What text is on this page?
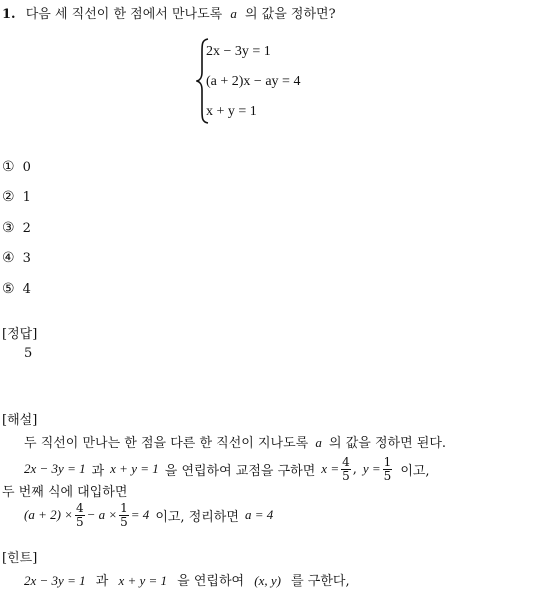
1. 다음 세 직선이 한 점에서 만나도록 a 의 값을 정하면?
2x − 3y = 1
(a + 2)x − ay = 4
x + y = 1
① 0
② 1
③ 2
④ 3
⑤ 4
[정답]
5
[해설]
두 직선이 만나는 한 점을 다른 한 직선이 지나도록 a 의 값을 정하면 된다.
2x − 3y = 1 과 x + y = 1 을 연립하여 교점을 구하면 $x = \frac{4}{5}$ , $y = \frac{1}{5}$ 이고,
두 번째 식에 대입하면
$(a + 2) \times \frac{4}{5} - a \times \frac{1}{5} = 4$ 이고, 정리하면 a = 4
[힌트]
2x − 3y = 1 과 x + y = 1 을 연립하여 (x, y) 를 구한다,
